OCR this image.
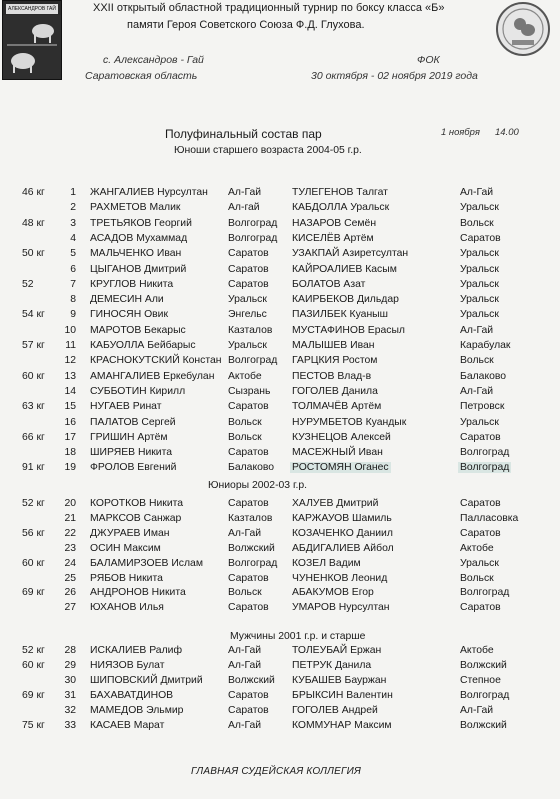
АЛЕКСАНДРОВ ГАЙ	XXII открытый областной традиционный турнир по боксу класса «Б»
памяти Героя Советского Союза Ф.Д. Глухова.
с. Александров - Гай
Саратовская область
ФОК
30 октября - 02 ноября 2019 года
Полуфинальный состав пар	1 ноября 14.00
Юноши старшего возраста 2004-05 г.р.
46 кг	1 ЖАНГАЛИЕВ Нурсултан Ал-Гай	ТУЛЕГЕНОВ Талгат	Ал-Гай
2 РАХМЕТОВ Малик	Ал-гай	КАБДОЛЛА Уральск	Уральск
48 кг	3 ТРЕТЬЯКОВ Георгий	Волгоград НАЗАРОВ Семён	Вольск
4 АСАДОВ Мухаммад	Волгоград КИСЕЛЁВ Артём	Саратов
50 кг	5 МАЛЬЧЕНКО Иван	Саратов УЗАКПАЙ Азиретсултан	Уральск
6 ЦЫГАНОВ Дмитрий	Саратов КАЙРОАЛИЕВ Касым	Уральск
52	7 КРУГЛОВ Никита	Саратов БОЛАТОВ Азат	Уральск
8 ДЕМЕСИН Али	Уральск КАИРБЕКОВ Дильдар	Уральск
54 кг	9 ГИНОСЯН Овик	Энгельс ПАЗИЛБЕК Куаныш	Уральск
10 МАРОТОВ Бекарыс	Казталов МУСТАФИНОВ Ерасыл	Ал-Гай
57 кг	11 КАБУОЛЛА Бейбарыс	Уральск МАЛЫШЕВ Иван	Карабулак
12 КРАСНОКУТСКИЙ Констан Волгоград ГАРЦКИЯ Ростом	Вольск
60 кг	13 АМАНГАЛИЕВ Еркебулан Актобе	ПЕСТОВ Влад-в	Балаково
14 СУББОТИН Кирилл	Сызрань ГОГОЛЕВ Данила	Ал-Гай
63 кг	15 НУГАЕВ Ринат	Саратов ТОЛМАЧЁВ Артём	Петровск
16 ПАЛАТОВ Сергей	Вольск	НУРУМБЕТОВ Куандык	Уральск
66 кг	17 ГРИШИН Артём	Вольск	КУЗНЕЦОВ Алексей	Саратов
18 ШИРЯЕВ Никита	Саратов МАСЕЖНЫЙ Иван	Волгоград
91 кг	19 ФРОЛОВ Евгений	Балаково РОСТОМЯН Оганес	Волгоград
Юниоры 2002-03 г.р.
52 кг	20 КОРОТКОВ Никита	Саратов ХАЛУЕВ Дмитрий	Саратов
21 МАРКСОВ Санжар	Казталов КАРЖАУОВ Шамиль	Палласовка
56 кг	22 ДЖУРАЕВ Иман	Ал-Гай	КОЗАЧЕНКО Даниил	Саратов
23 ОСИН Максим	Волжский АБДИГАЛИЕВ Айбол	Актобе
60 кг	24 БАЛАМИРЗОЕВ Ислам Волгоград КОЗЕЛ Вадим	Уральск
25 РЯБОВ Никита	Саратов ЧУНЕНКОВ Леонид	Вольск
69 кг	26 АНДРОНОВ Никита	Вольск	АБАКУМОВ Егор	Волгоград
27 ЮХАНОВ Илья	Саратов УМАРОВ Нурсултан	Саратов
Мужчины 2001 г.р. и старше
52 кг	28 ИСКАЛИЕВ Ралиф	Ал-Гай	ТОЛЕУБАЙ Ержан	Актобе
60 кг	29 НИЯЗОВ Булат	Ал-Гай	ПЕТРУК Данила	Волжский
30 ШИПОВСКИЙ Дмитрий Волжский КУБАШЕВ Бауржан	Степное
69 кг	31 БАХАВАТДИНОВ	Саратов БРЫКСИН Валентин	Волгоград
32 МАМЕДОВ Эльмир	Саратов ГОГОЛЕВ Андрей	Ал-Гай
75 кг	33 КАСАЕВ Марат	Ал-Гай	КОММУНАР Максим	Волжский
ГЛАВНАЯ СУДЕЙСКАЯ КОЛЛЕГИЯ
